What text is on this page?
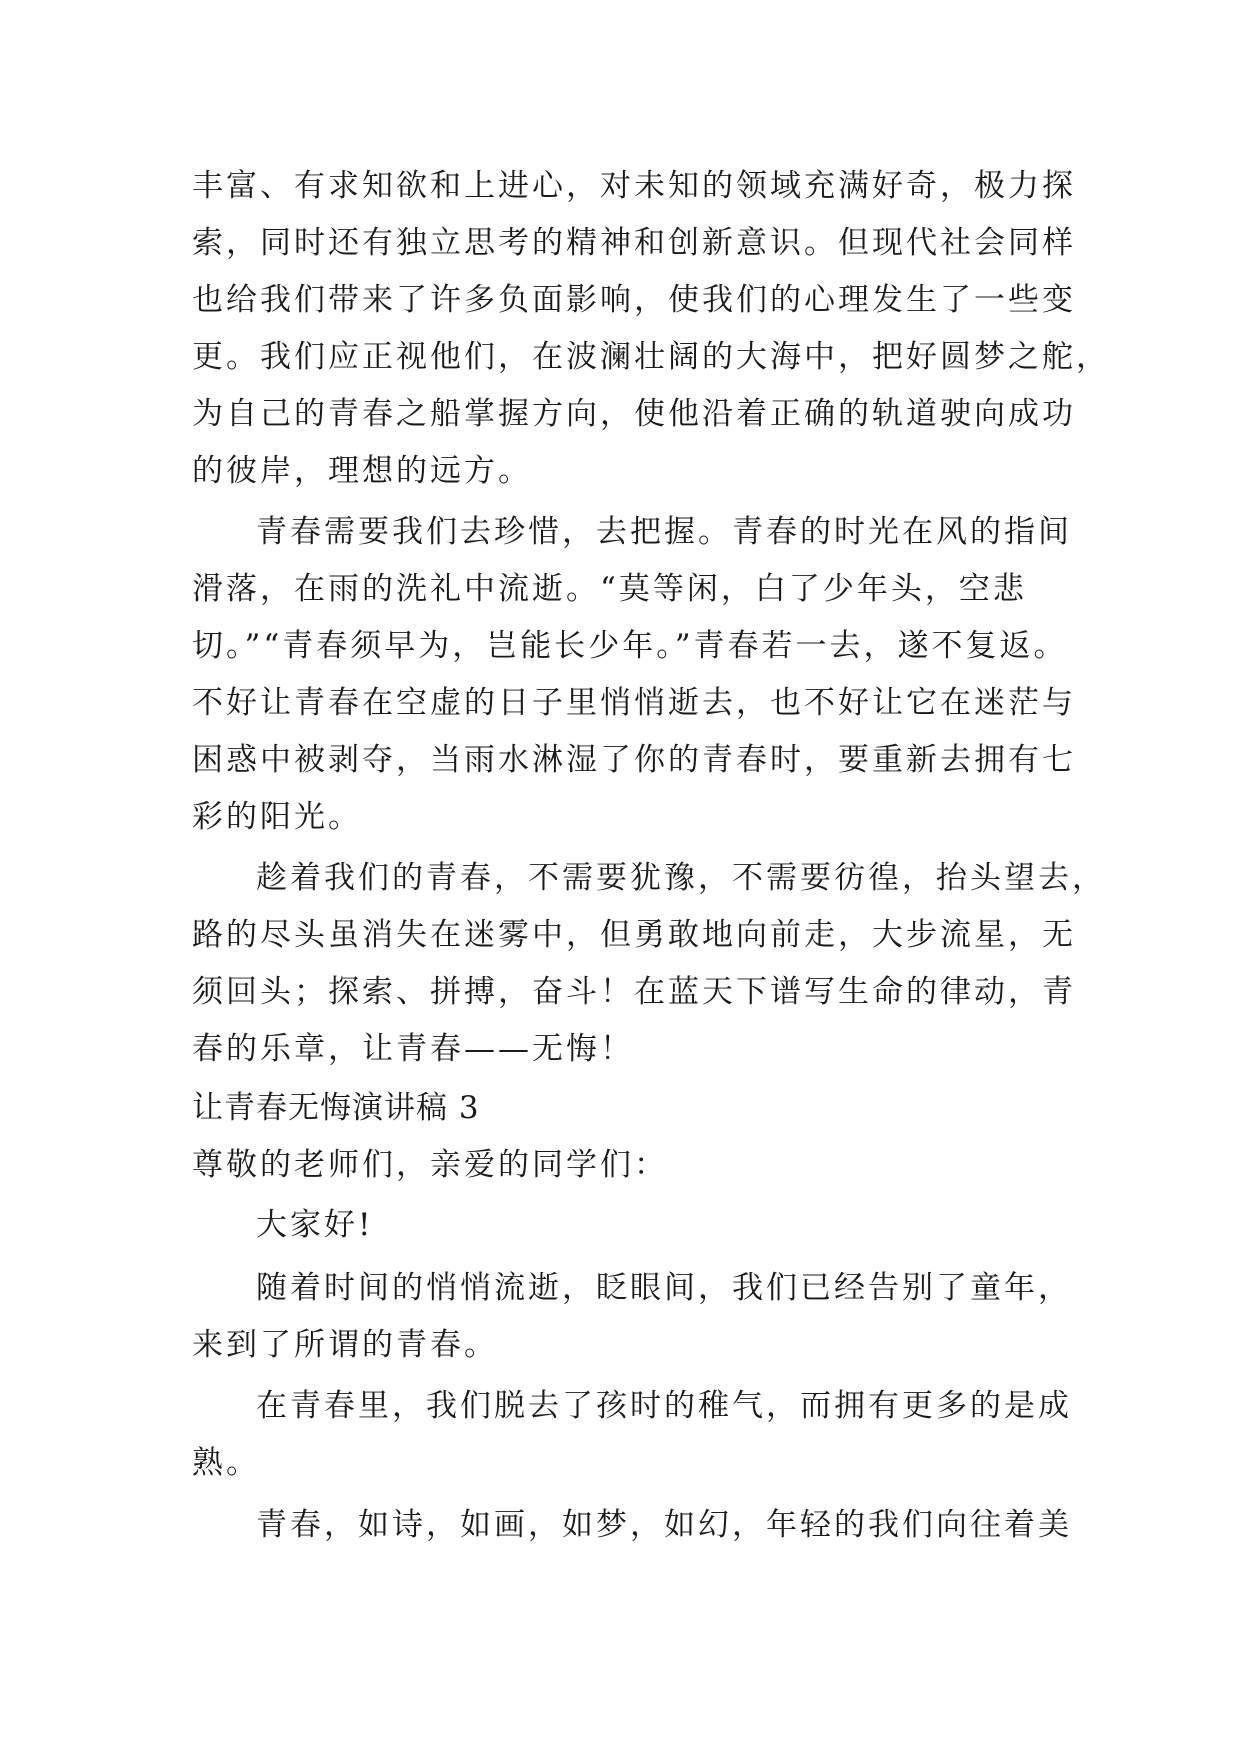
丰富、有求知欲和上进心，对未知的领域充满好奇，极力探
索，同时还有独立思考的精神和创新意识。但现代社会同样
也给我们带来了许多负面影响，使我们的心理发生了一些变
更。我们应正视他们，在波澜壮阔的大海中，把好圆梦之舵，
为自己的青春之船掌握方向，使他沿着正确的轨道驶向成功
的彼岸，理想的远方。
青春需要我们去珍惜，去把握。青春的时光在风的指间
滑落，在雨的洗礼中流逝。“莫等闲，白了少年头，空悲
切。”“青春须早为，岂能长少年。”青春若一去，遂不复返。
不好让青春在空虚的日子里悄悄逝去，也不好让它在迷茫与
困惑中被剥夺，当雨水淋湿了你的青春时，要重新去拥有七
彩的阳光。
趁着我们的青春，不需要犹豫，不需要彷徨，抬头望去，
路的尽头虽消失在迷雾中，但勇敢地向前走，大步流星，无
须回头；探索、拼搏，奋斗！在蓝天下谱写生命的律动，青
春的乐章，让青春——无悔！
让青春无悔演讲稿 3
尊敬的老师们，亲爱的同学们：
大家好!
随着时间的悄悄流逝，眨眼间，我们已经告别了童年，
来到了所谓的青春。
在青春里，我们脱去了孩时的稚气，而拥有更多的是成
熟。
青春，如诗，如画，如梦，如幻，年轻的我们向往着美
